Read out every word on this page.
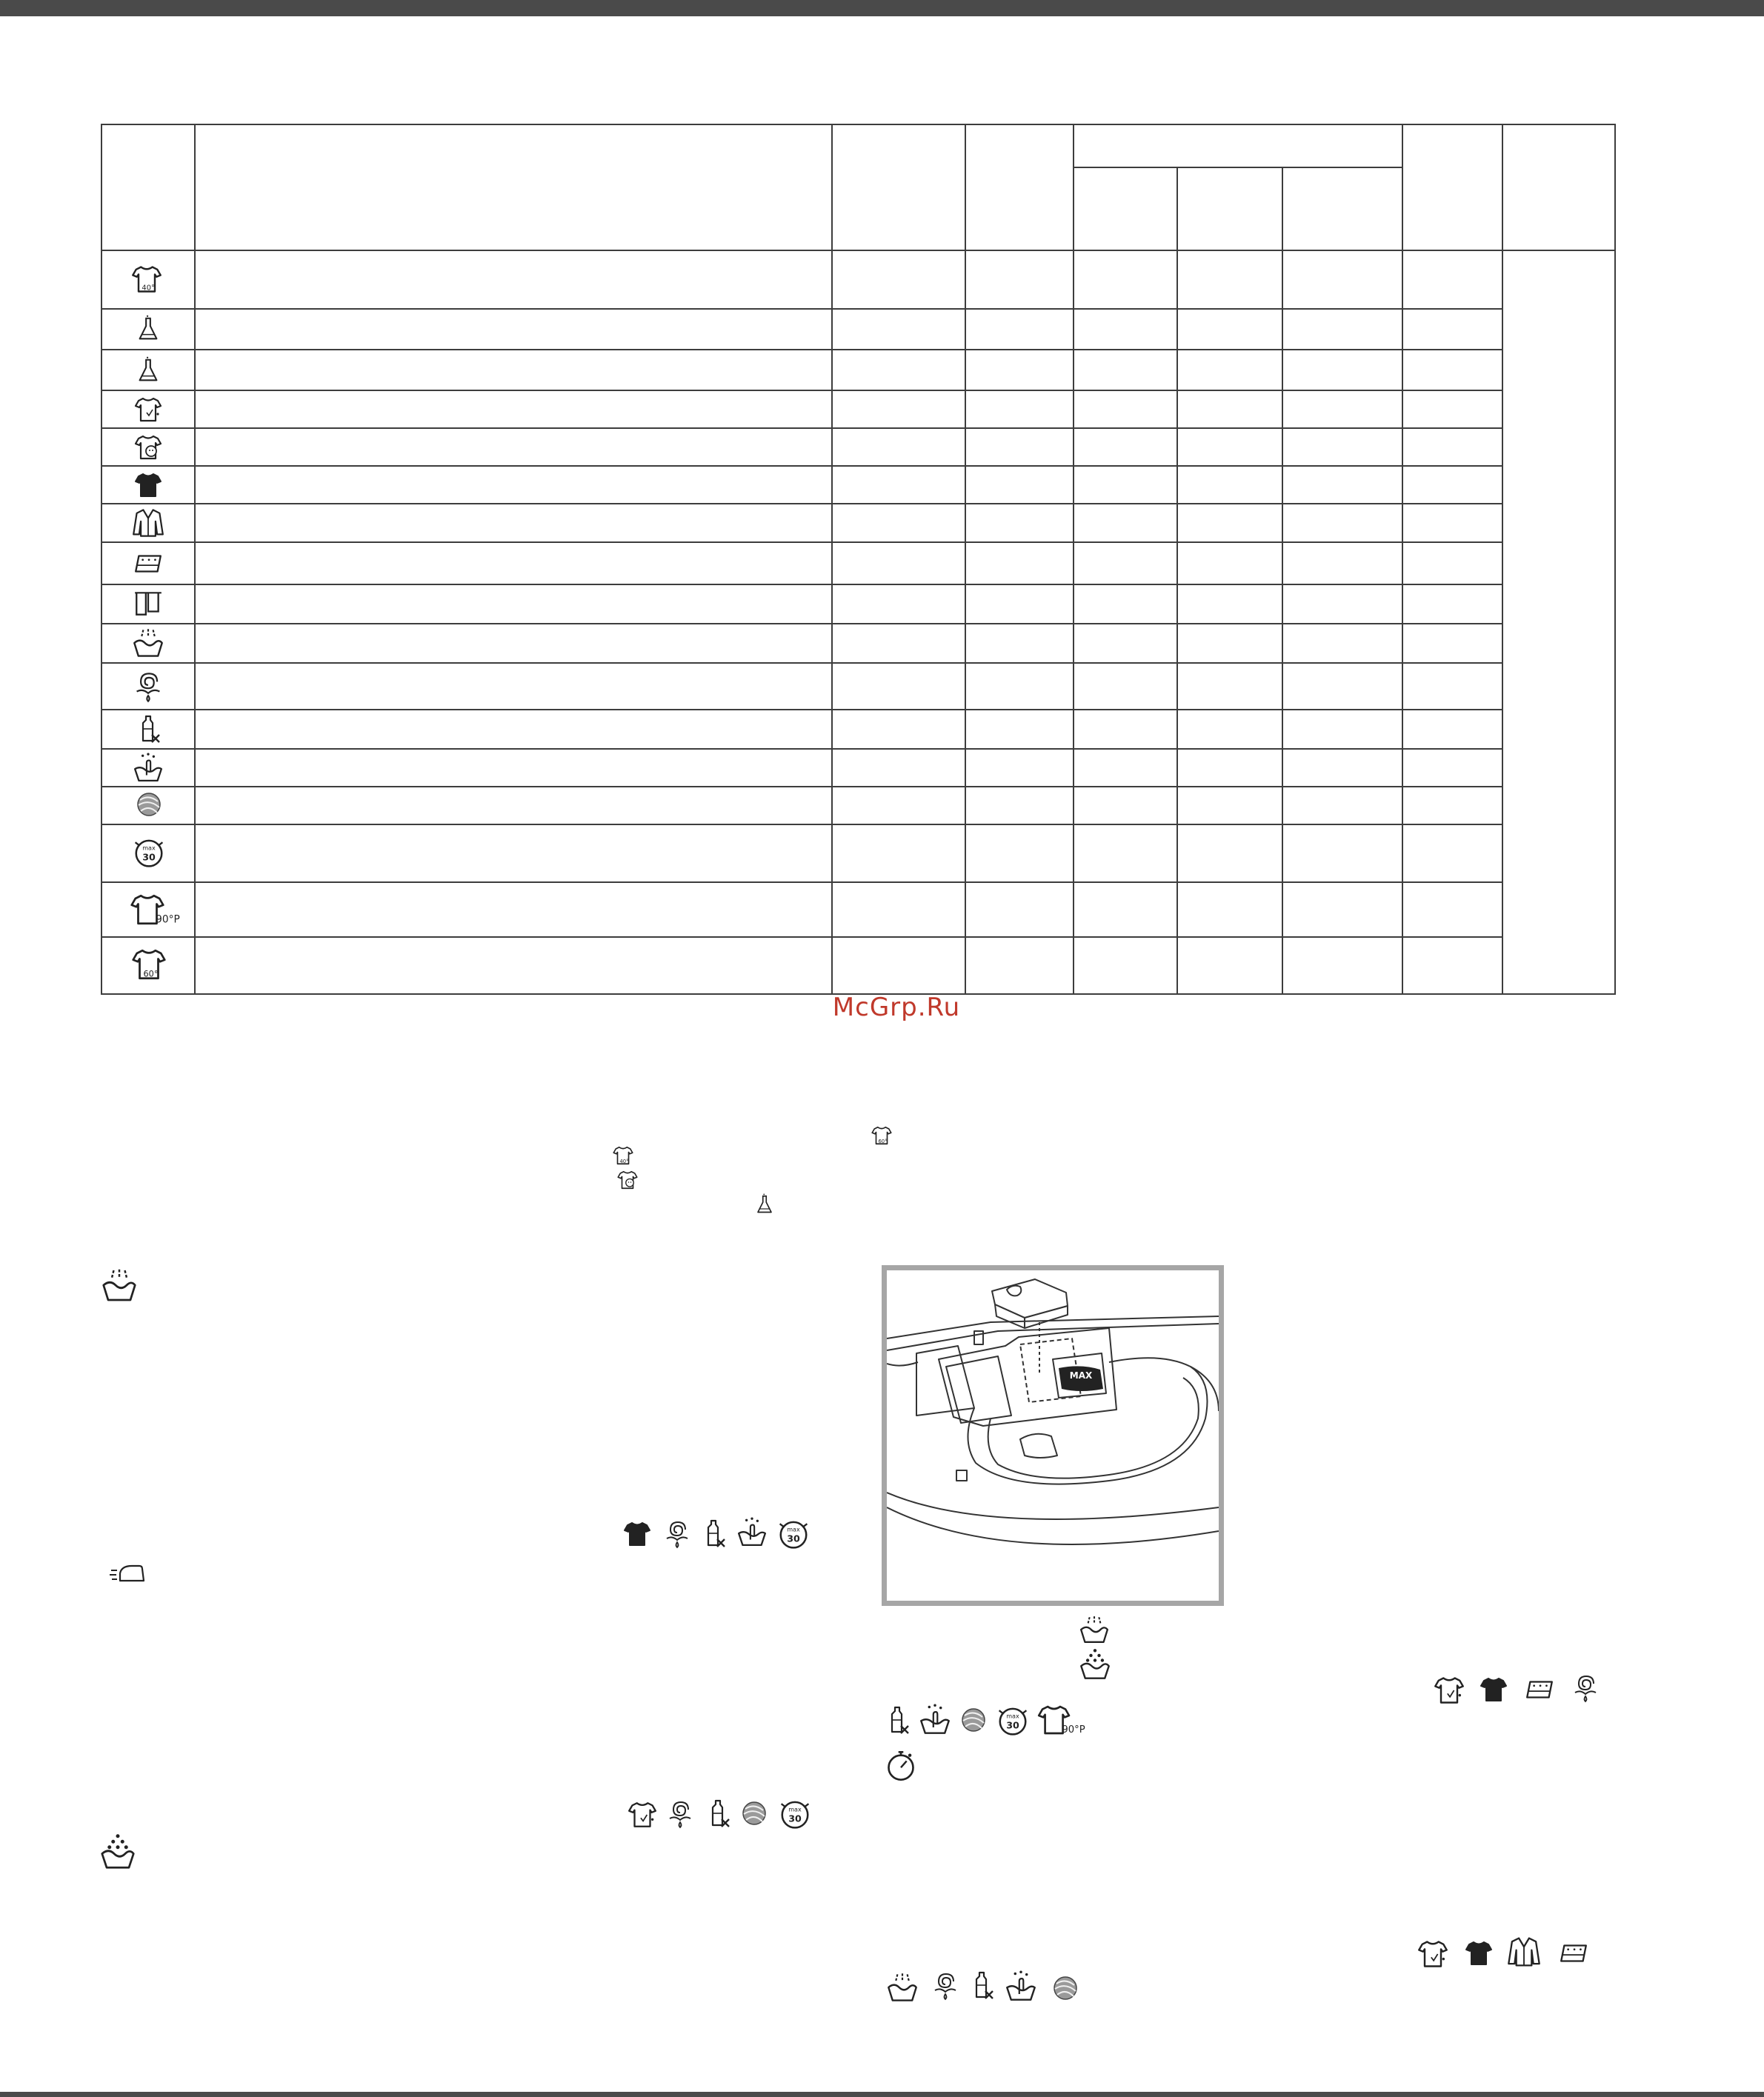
40°
90°P
60°
McGrp.Ru
60°
40°
MAX
90°P
